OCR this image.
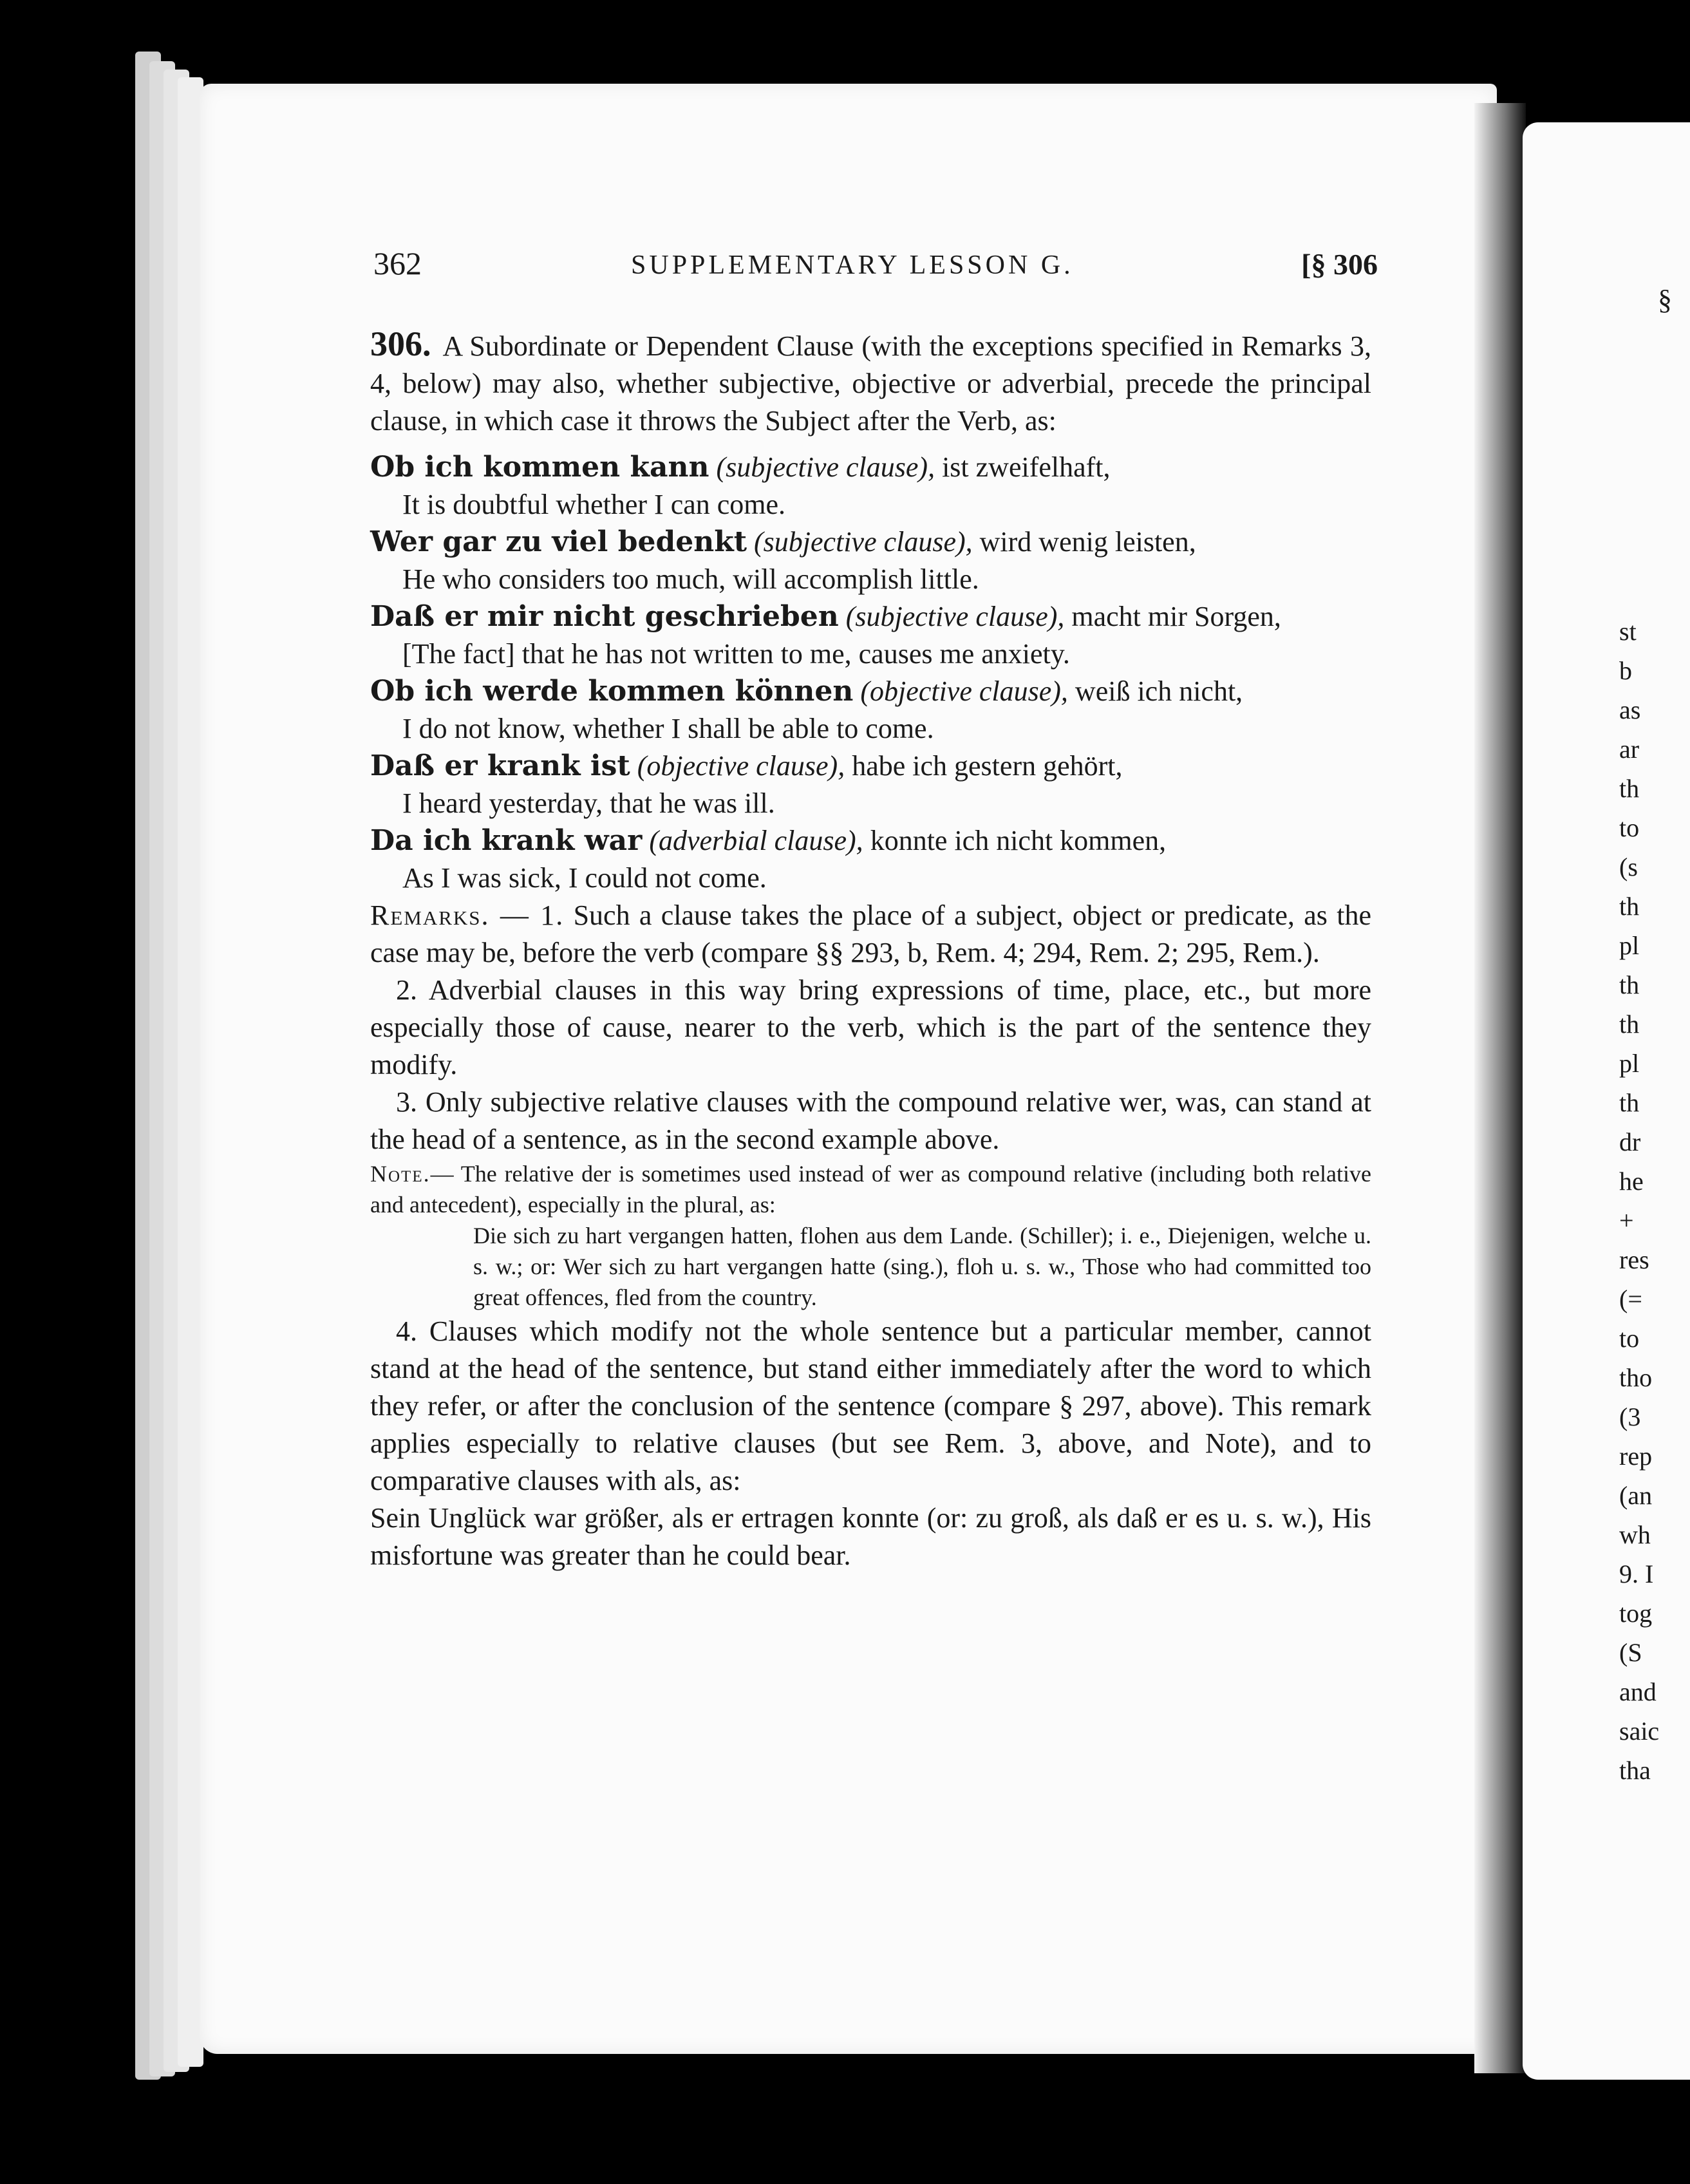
362	SUPPLEMENTARY LESSON G.	[§ 306

306. A Subordinate or Dependent Clause (with the exceptions specified in Remarks 3, 4, below) may also, whether subjective, objective or adverbial, precede the principal clause, in which case it throws the Subject after the Verb, as:

Ob ich kommen kann (subjective clause), ist zweifelhaft,
It is doubtful whether I can come.

Wer gar zu viel bedenkt (subjective clause), wird wenig leisten,
He who considers too much, will accomplish little.

Daß er mir nicht geschrieben (subjective clause), macht mir Sorgen,
[The fact] that he has not written to me, causes me anxiety.

Ob ich werde kommen können (objective clause), weiß ich nicht,
I do not know, whether I shall be able to come.

Daß er krank ist (objective clause), habe ich gestern gehört,
I heard yesterday, that he was ill.

Da ich krank war (adverbial clause), konnte ich nicht kommen,
As I was sick, I could not come.

Remarks. — 1. Such a clause takes the place of a subject, object or predicate, as the case may be, before the verb (compare §§ 293, b, Rem. 4; 294, Rem. 2; 295, Rem.).

2. Adverbial clauses in this way bring expressions of time, place, etc., but more especially those of cause, nearer to the verb, which is the part of the sentence they modify.

3. Only subjective relative clauses with the compound relative wer, was, can stand at the head of a sentence, as in the second example above.

Note.— The relative der is sometimes used instead of wer as compound relative (including both relative and antecedent), especially in the plural, as:
Die sich zu hart vergangen hatten, flohen aus dem Lande. (Schiller); i. e., Diejenigen, welche u. s. w.; or: Wer sich zu hart vergangen hatte (sing.), floh u. s. w., Those who had committed too great offences, fled from the country.

4. Clauses which modify not the whole sentence but a particular member, cannot stand at the head of the sentence, but stand either immediately after the word to which they refer, or after the conclusion of the sentence (compare § 297, above). This remark applies especially to relative clauses (but see Rem. 3, above, and Note), and to comparative clauses with als, as:

Sein Unglück war größer, als er ertragen konnte (or: zu groß, als daß er es u. s. w.), His misfortune was greater than he could bear.

§
st
b
as
ar
th
to
(s
th
pl
th
th
pl
th
dr
he
+
res
(=
to
tho
(3
rep
(an
wh
9. I
tog
(S
and
saic
tha
